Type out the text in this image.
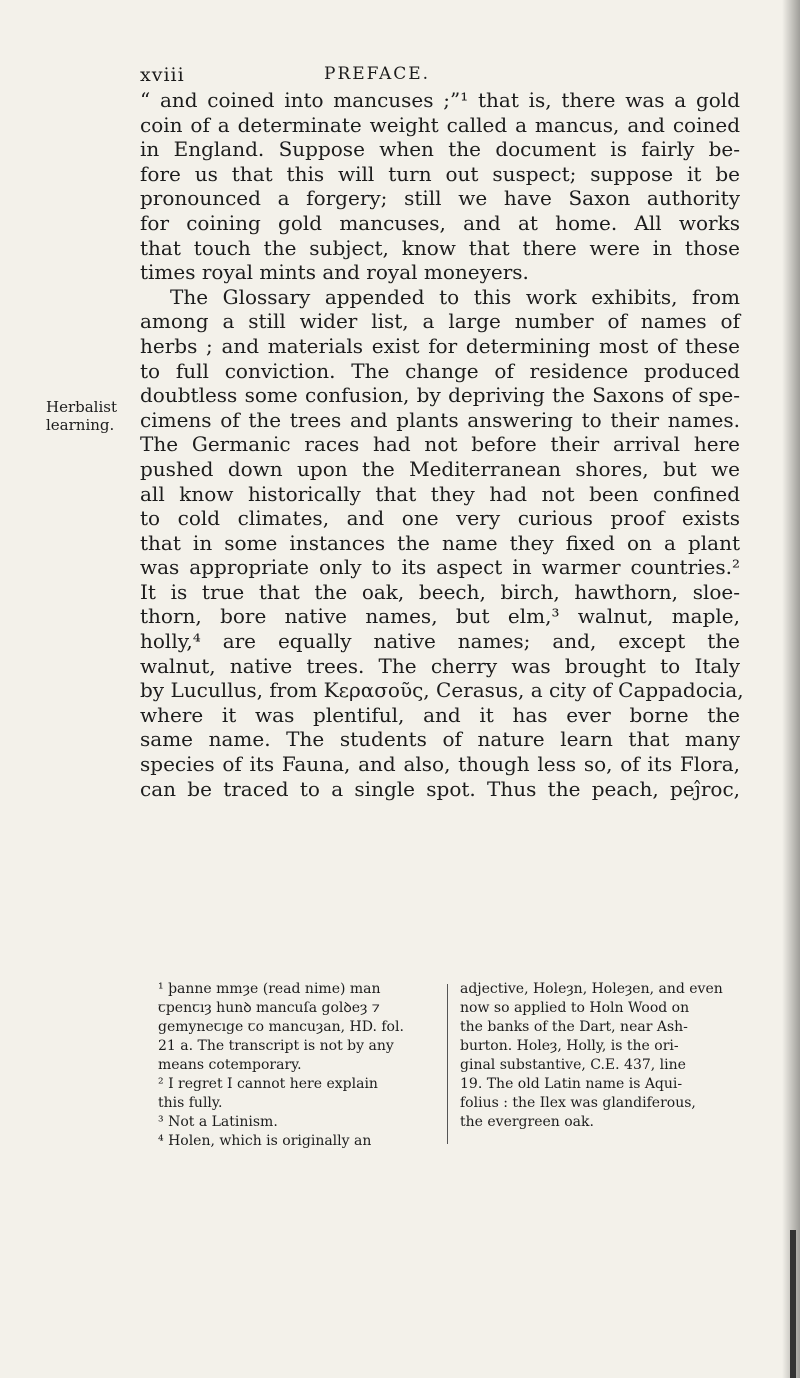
xviii	PREFACE.
Herbalist
learning.
“ and coined into mancuses ;”¹ that is, there was a gold
coin of a determinate weight called a mancus, and coined
in England. Suppose when the document is fairly be-
fore us that this will turn out suspect; suppose it be
pronounced a forgery; still we have Saxon authority
for coining gold mancuses, and at home. All works
that touch the subject, know that there were in those
times royal mints and royal moneyers.
The Glossary appended to this work exhibits, from
among a still wider list, a large number of names of
herbs ; and materials exist for determining most of these
to full conviction. The change of residence produced
doubtless some confusion, by depriving the Saxons of spe-
cimens of the trees and plants answering to their names.
The Germanic races had not before their arrival here
pushed down upon the Mediterranean shores, but we
all know historically that they had not been confined
to cold climates, and one very curious proof exists
that in some instances the name they fixed on a plant
was appropriate only to its aspect in warmer countries.²
It is true that the oak, beech, birch, hawthorn, sloe-
thorn, bore native names, but elm,³ walnut, maple,
holly,⁴ are equally native names; and, except the
walnut, native trees. The cherry was brought to Italy
by Lucullus, from Κερασοῦς, Cerasus, a city of Cappadocia,
where it was plentiful, and it has ever borne the
same name. The students of nature learn that many
species of its Fauna, and also, though less so, of its Flora,
can be traced to a single spot. Thus the peach, peĵroc,
¹ þanne mmȝe (read nime) man
ꞇpenꞇıȝ hunꝺ mancuſa golꝺeȝ ⁊
gemyneꞇıge ꞇo mancuȝan, HD. fol.
21 a. The transcript is not by any
means cotemporary.
² I regret I cannot here explain
this fully.
³ Not a Latinism.
⁴ Holen, which is originally an
adjective, Holeȝn, Holeȝen, and even
now so applied to Holn Wood on
the banks of the Dart, near Ash-
burton. Holeȝ, Holly, is the ori-
ginal substantive, C.E. 437, line
19. The old Latin name is Aqui-
folius : the Ilex was glandiferous,
the evergreen oak.
